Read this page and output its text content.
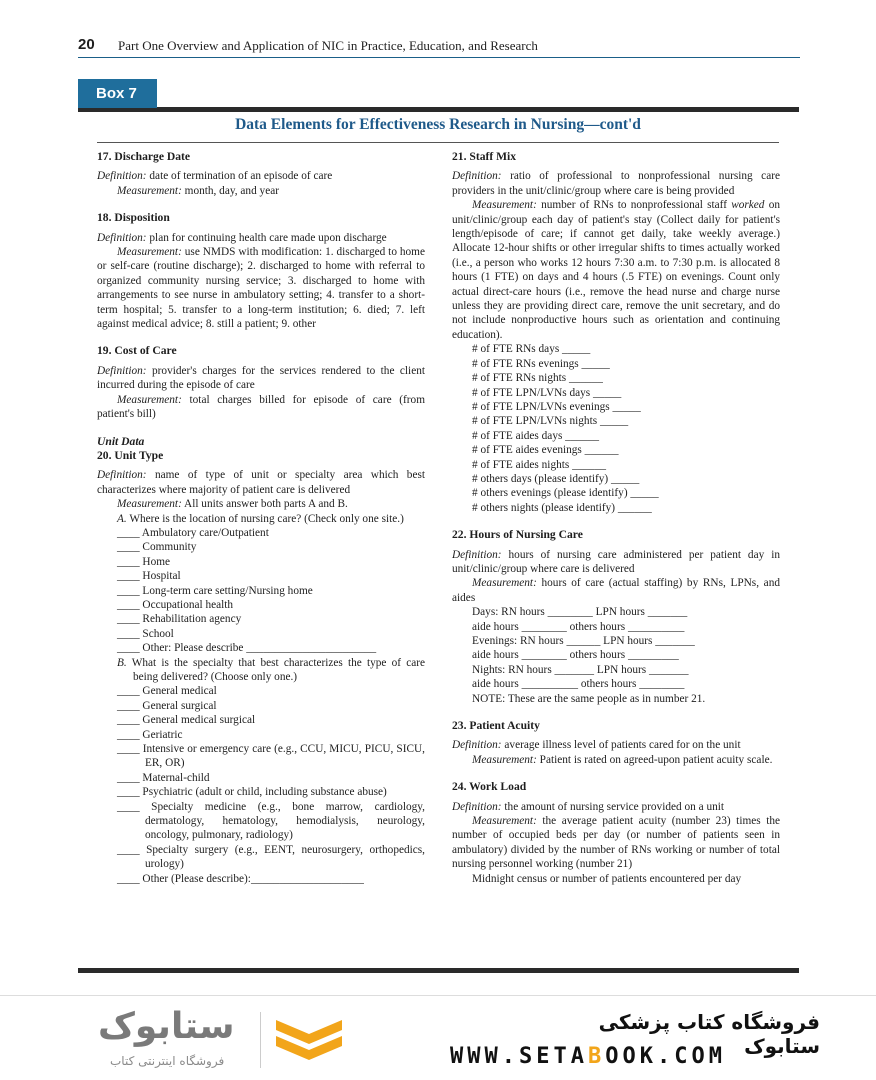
20 Part One Overview and Application of NIC in Practice, Education, and Research
Box 7
Data Elements for Effectiveness Research in Nursing—cont'd

17. Discharge Date

Definition: date of termination of an episode of care

Measurement: month, day, and year

18. Disposition

Definition: plan for continuing health care made upon discharge

Measurement: use NMDS with modification: 1. discharged to home or self-care (routine discharge); 2. discharged to home with referral to organized community nursing service; 3. discharged to home with arrangements to see nurse in ambulatory setting; 4. transfer to a short-term hospital; 5. transfer to a long-term institution; 6. died; 7. left against medical advice; 8. still a patient; 9. other

19. Cost of Care

Definition: provider's charges for the services rendered to the client incurred during the episode of care

Measurement: total charges billed for episode of care (from patient's bill)

Unit Data

20. Unit Type

Definition: name of type of unit or specialty area which best characterizes where majority of patient care is delivered

Measurement: All units answer both parts A and B.

A. Where is the location of nursing care? (Check only one site.)

____ Ambulatory care/Outpatient

____ Community

____ Home

____ Hospital

____ Long-term care setting/Nursing home

____ Occupational health

____ Rehabilitation agency

____ School

____ Other: Please describe _______________________

B. What is the specialty that best characterizes the type of care being delivered? (Choose only one.)

____ General medical

____ General surgical

____ General medical surgical

____ Geriatric

____ Intensive or emergency care (e.g., CCU, MICU, PICU, SICU, ER, OR)

____ Maternal-child

____ Psychiatric (adult or child, including substance abuse)

____ Specialty medicine (e.g., bone marrow, cardiology, dermatology, hematology, hemodialysis, neurology, oncology, pulmonary, radiology)

____ Specialty surgery (e.g., EENT, neurosurgery, orthopedics, urology)

____ Other (Please describe):____________________

21. Staff Mix

Definition: ratio of professional to nonprofessional nursing care providers in the unit/clinic/group where care is being provided

Measurement: number of RNs to nonprofessional staff worked on unit/clinic/group each day of patient's stay (Collect daily for patient's length/episode of care; if cannot get daily, take weekly average.) Allocate 12-hour shifts or other irregular shifts to times actually worked (i.e., a person who works 12 hours 7:30 a.m. to 7:30 p.m. is allocated 8 hours (1 FTE) on days and 4 hours (.5 FTE) on evenings. Count only actual direct-care hours (i.e., remove the head nurse and charge nurse unless they are providing direct care, remove the unit secretary, and do not include nonproductive hours such as orientation and continuing education).

# of FTE RNs days _____

# of FTE RNs evenings _____

# of FTE RNs nights ______

# of FTE LPN/LVNs days _____

# of FTE LPN/LVNs evenings _____

# of FTE LPN/LVNs nights _____

# of FTE aides days ______

# of FTE aides evenings ______

# of FTE aides nights ______

# others days (please identify) _____

# others evenings (please identify) _____

# others nights (please identify) ______

22. Hours of Nursing Care

Definition: hours of nursing care administered per patient day in unit/clinic/group where care is delivered

Measurement: hours of care (actual staffing) by RNs, LPNs, and aides

Days: RN hours ________ LPN hours _______

aide hours ________ others hours __________

Evenings: RN hours ______ LPN hours _______

aide hours ________ others hours _________

Nights: RN hours _______ LPN hours _______

aide hours __________ others hours ________

NOTE: These are the same people as in number 21.

23. Patient Acuity

Definition: average illness level of patients cared for on the unit

Measurement: Patient is rated on agreed-upon patient acuity scale.

24. Work Load

Definition: the amount of nursing service provided on a unit

Measurement: the average patient acuity (number 23) times the number of occupied beds per day (or number of patients seen in ambulatory) divided by the number of RNs working or number of total nursing personnel working (number 21)

Midnight census or number of patients encountered per day

ستابوک
فروشگاه اینترنتی کتاب
فروشگاه کتاب پزشکی ستابوک
WWW.SETABOOK.COM
